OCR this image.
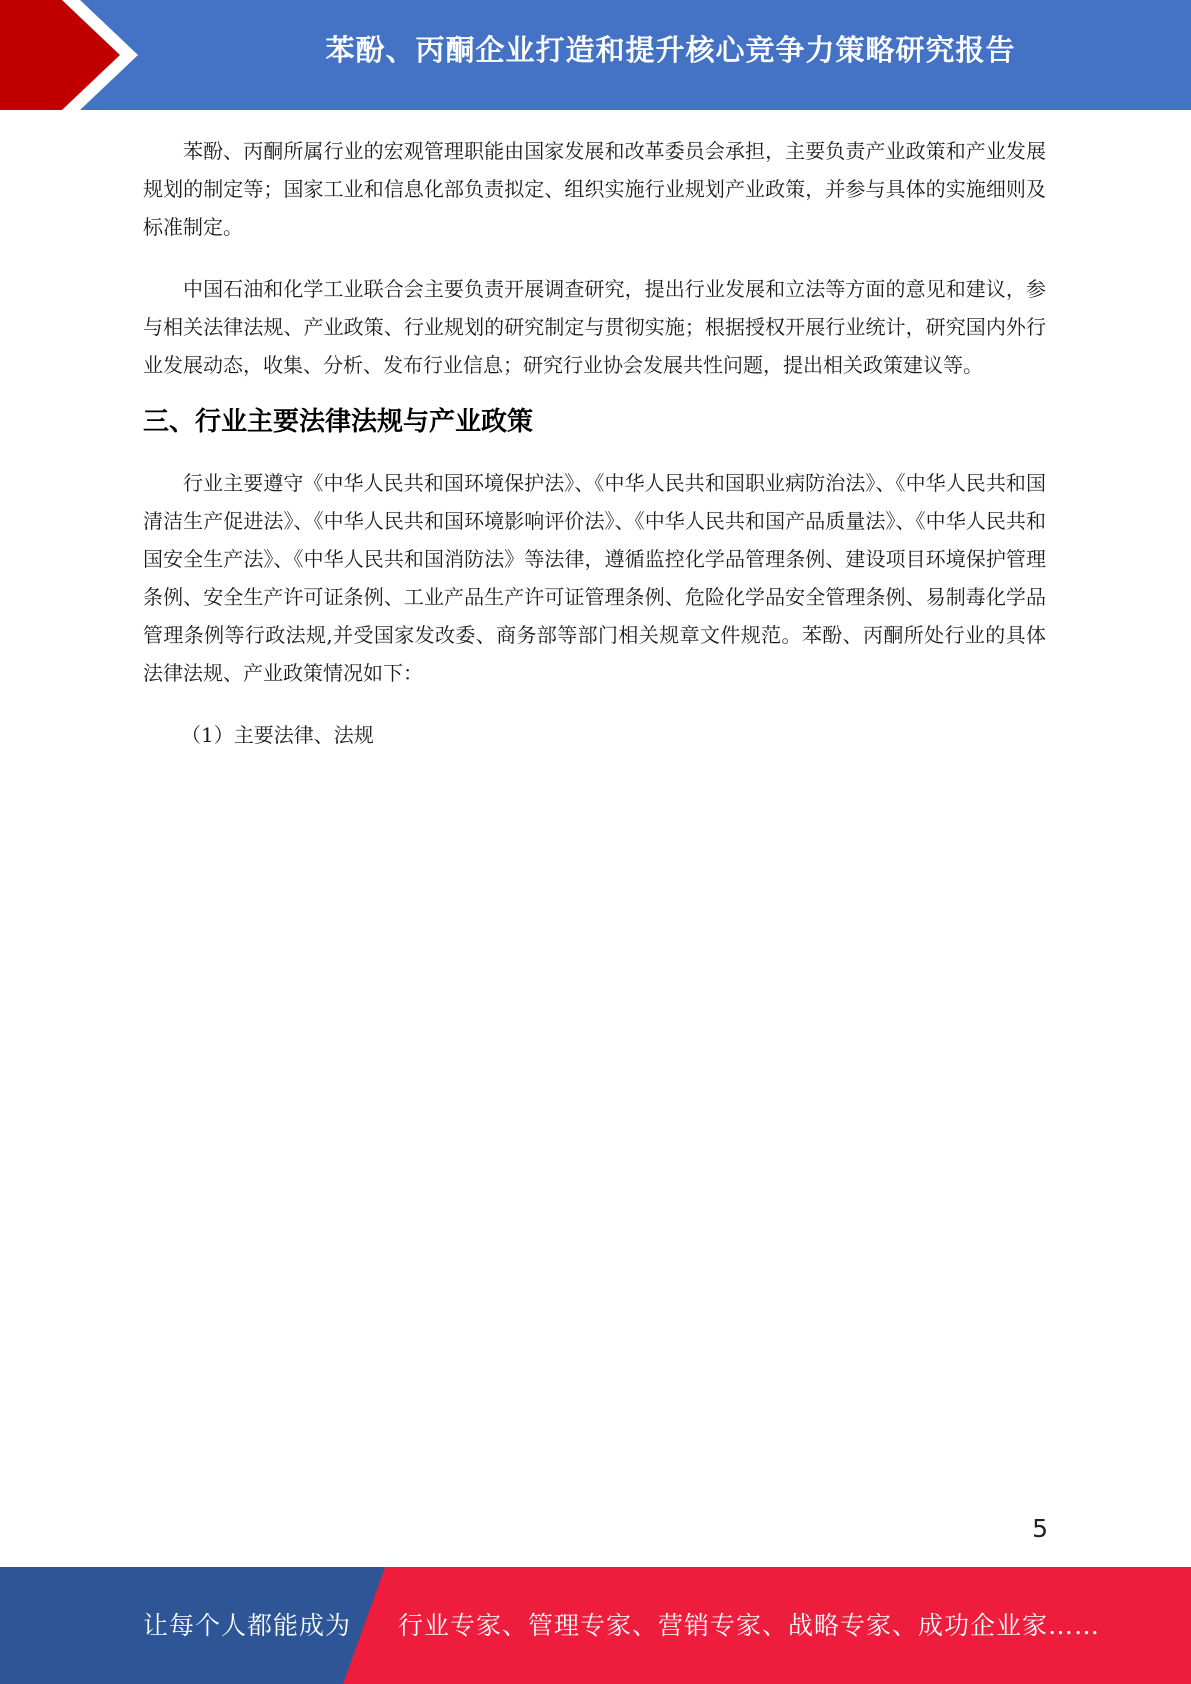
苯酚、丙酮企业打造和提升核心竞争力策略研究报告

苯酚、丙酮所属行业的宏观管理职能由国家发展和改革委员会承担，主要负责产业政策和产业发展规划的制定等；国家工业和信息化部负责拟定、组织实施行业规划产业政策，并参与具体的实施细则及标准制定。

中国石油和化学工业联合会主要负责开展调查研究，提出行业发展和立法等方面的意见和建议，参与相关法律法规、产业政策、行业规划的研究制定与贯彻实施；根据授权开展行业统计，研究国内外行业发展动态，收集、分析、发布行业信息；研究行业协会发展共性问题，提出相关政策建议等。

三、行业主要法律法规与产业政策

行业主要遵守《中华人民共和国环境保护法》、《中华人民共和国职业病防治法》、《中华人民共和国清洁生产促进法》、《中华人民共和国环境影响评价法》、《中华人民共和国产品质量法》、《中华人民共和国安全生产法》、《中华人民共和国消防法》等法律，遵循监控化学品管理条例、建设项目环境保护管理条例、安全生产许可证条例、工业产品生产许可证管理条例、危险化学品安全管理条例、易制毒化学品管理条例等行政法规,并受国家发改委、商务部等部门相关规章文件规范。苯酚、丙酮所处行业的具体法律法规、产业政策情况如下：

（1）主要法律、法规

5
让每个人都能成为 行业专家、管理专家、营销专家、战略专家、成功企业家……
